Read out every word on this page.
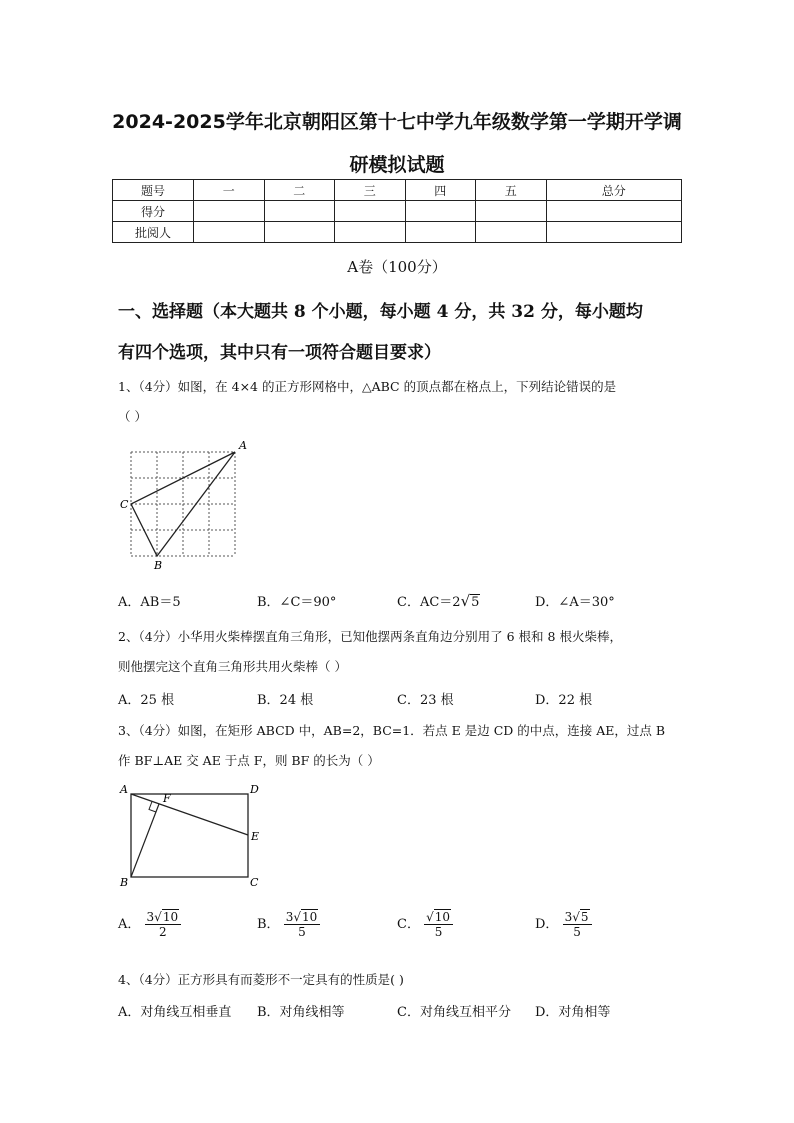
2024-2025学年北京朝阳区第十七中学九年级数学第一学期开学调
研模拟试题
题号	一	二	三	四	五	总分
得分						
批阅人						
A卷（100分）
一、选择题（本大题共 8 个小题，每小题 4 分，共 32 分，每小题均
有四个选项，其中只有一项符合题目要求）
1、（4分）如图，在 4×4 的正方形网格中，△ABC 的顶点都在格点上，下列结论错误的是
（ ）
A
C
B
A．AB＝5	B．∠C＝90°	C．AC＝2√5	D．∠A＝30°
2、（4分）小华用火柴棒摆直角三角形，已知他摆两条直角边分别用了 6 根和 8 根火柴棒，
则他摆完这个直角三角形共用火柴棒（ ）
A．25 根	B．24 根	C．23 根	D．22 根
3、（4分）如图，在矩形 ABCD 中，AB=2，BC=1．若点 E 是边 CD 的中点，连接 AE，过点 B
作 BF⊥AE 交 AE 于点 F，则 BF 的长为（ ）
A	D
F
E
B	C
A． $\frac{3√10}{2}$	B． $\frac{3√10}{5}$	C． $\frac{√10}{5}$	D． $\frac{3√5}{5}$
4、（4分）正方形具有而菱形不一定具有的性质是( )
A．对角线互相垂直 B．对角线相等	C．对角线互相平分 D．对角相等
